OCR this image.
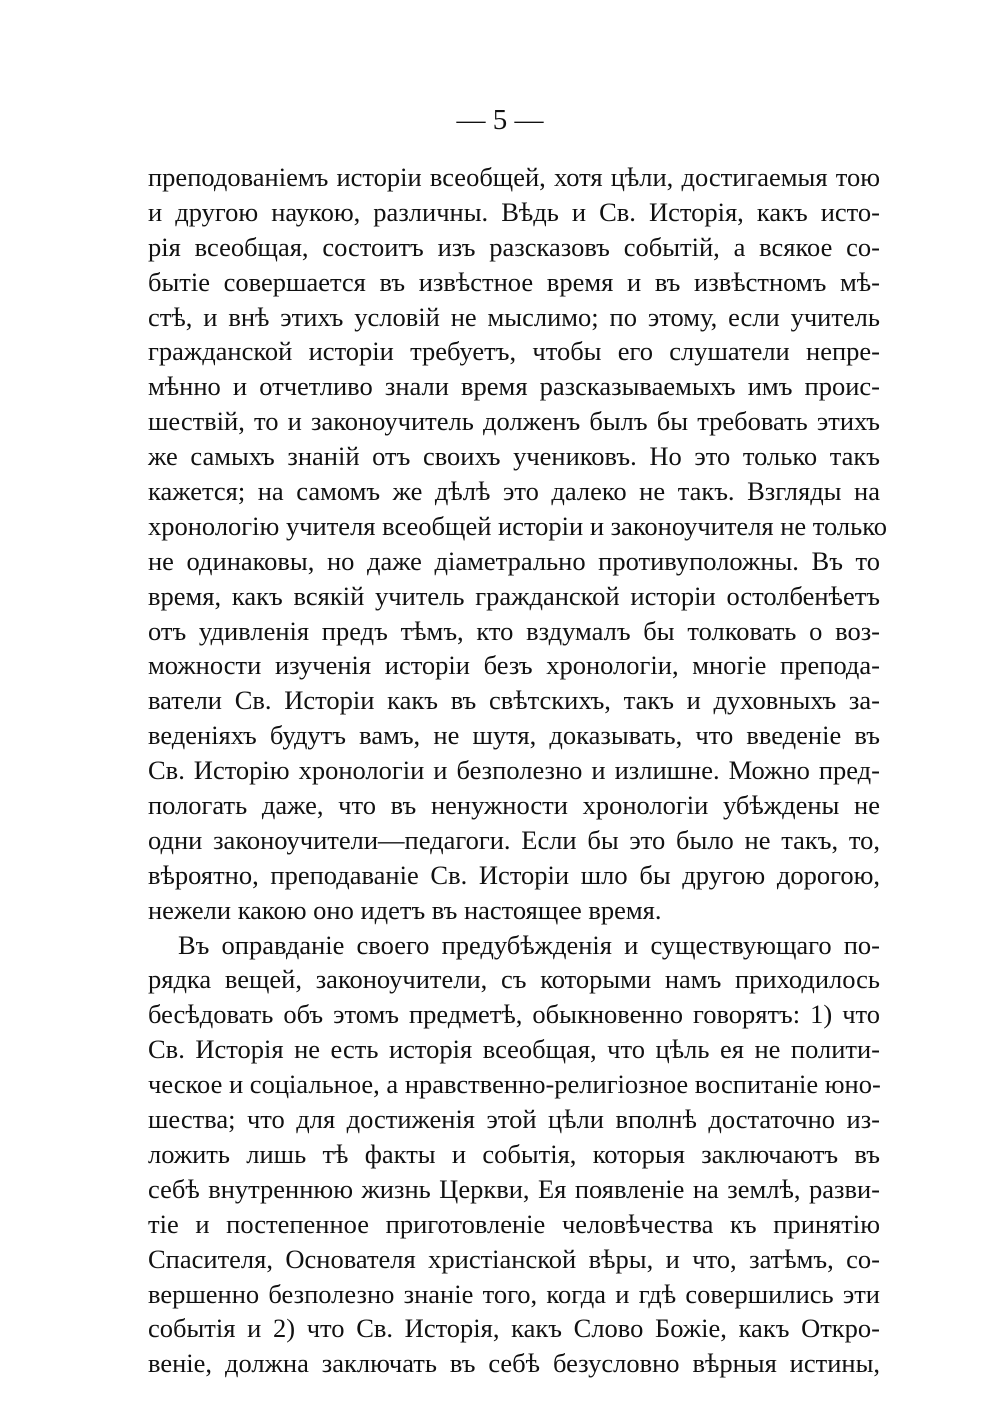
— 5 —
преподованіемъ исторіи всеобщей, хотя цѣли, достигаемыя тою
и другою наукою, различны. Вѣдь и Св. Исторія, какъ исто-
рія всеобщая, состоитъ изъ разсказовъ событій, а всякое со-
бытіе совершается въ извѣстное время и въ извѣстномъ мѣ-
стѣ, и внѣ этихъ условій не мыслимо; по этому, если учитель
гражданской исторіи требуетъ, чтобы его слушатели непре-
мѣнно и отчетливо знали время разсказываемыхъ имъ проис-
шествій, то и законоучитель долженъ былъ бы требовать этихъ
же самыхъ знаній отъ своихъ учениковъ. Но это только такъ
кажется; на самомъ же дѣлѣ это далеко не такъ. Взгляды на
хронологію учителя всеобщей исторіи и законоучителя не только
не одинаковы, но даже діаметрально противуположны. Въ то
время, какъ всякій учитель гражданской исторіи остолбенѣетъ
отъ удивленія предъ тѣмъ, кто вздумалъ бы толковать о воз-
можности изученія исторіи безъ хронологіи, многіе препода-
ватели Св. Исторіи какъ въ свѣтскихъ, такъ и духовныхъ за-
веденіяхъ будутъ вамъ, не шутя, доказывать, что введеніе въ
Св. Исторію хронологіи и безполезно и излишне. Можно пред-
пологать даже, что въ ненужности хронологіи убѣждены не
одни законоучители—педагоги. Если бы это было не такъ, то,
вѣроятно, преподаваніе Св. Исторіи шло бы другою дорогою,
нежели какою оно идетъ въ настоящее время.
Въ оправданіе своего предубѣжденія и существующаго по-
рядка вещей, законоучители, съ которыми намъ приходилось
бесѣдовать объ этомъ предметѣ, обыкновенно говорятъ: 1) что
Св. Исторія не есть исторія всеобщая, что цѣль ея не полити-
ческое и соціальное, а нравственно-религіозное воспитаніе юно-
шества; что для достиженія этой цѣли вполнѣ достаточно из-
ложить лишь тѣ факты и событія, которыя заключаютъ въ
себѣ внутреннюю жизнь Церкви, Ея появленіе на землѣ, разви-
тіе и постепенное приготовленіе человѣчества къ принятію
Спасителя, Основателя христіанской вѣры, и что, затѣмъ, со-
вершенно безполезно знаніе того, когда и гдѣ совершились эти
событія и 2) что Св. Исторія, какъ Слово Божіе, какъ Откро-
веніе, должна заключать въ себѣ безусловно вѣрныя истины,
